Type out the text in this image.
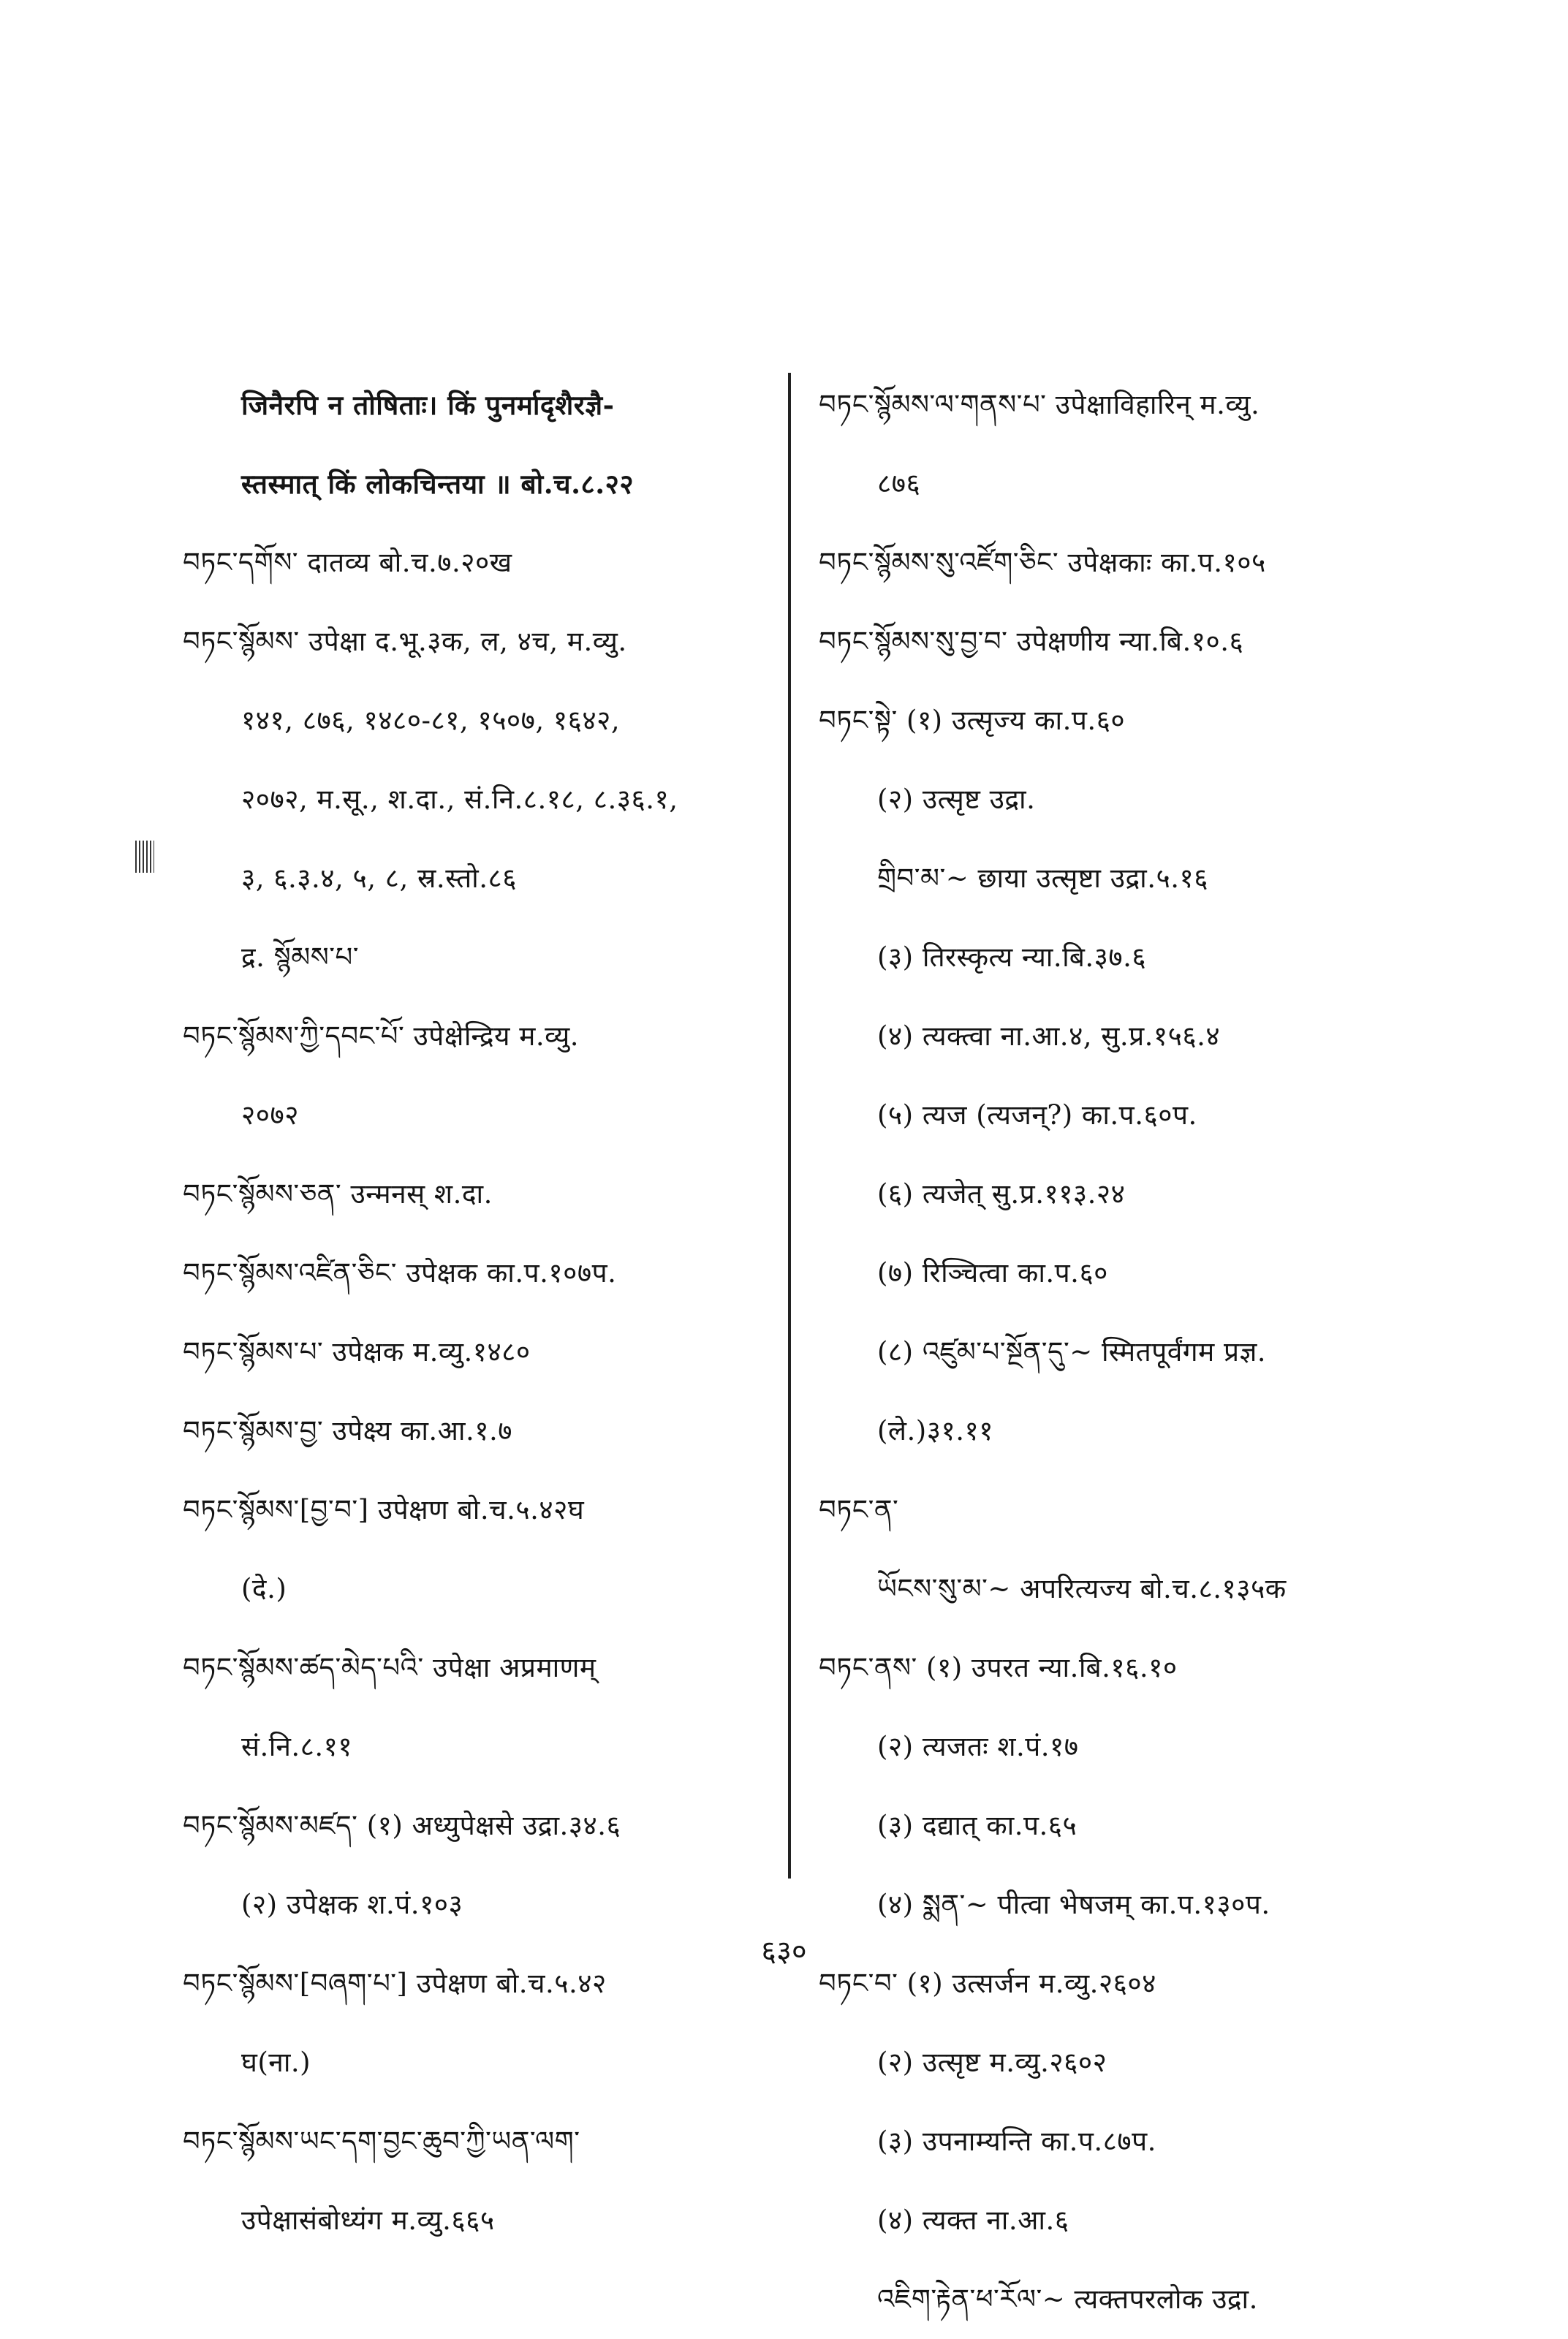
जिनैरपि न तोषिताः। किं पुनर्मादृशैरज्ञै-
स्तस्मात् किं लोकचिन्तया ॥ बो.च.८.२२
བཏང་དགོས་ दातव्य बो.च.७.२०ख
བཏང་སྙོམས་ उपेक्षा द.भू.३क, ल, ४च, म.व्यु.
१४१, ८७६, १४८०-८१, १५०७, १६४२,
२०७२, म.सू., श.दा., सं.नि.८.१८, ८.३६.१,
३, ६.३.४, ५, ८, स्र.स्तो.८६
द्र. སྙོམས་པ་
བཏང་སྙོམས་ཀྱི་དབང་པོ་ उपेक्षेन्द्रिय म.व्यु.
२०७२
བཏང་སྙོམས་ཅན་ उन्मनस् श.दा.
བཏང་སྙོམས་འཛིན་ཅིང་ उपेक्षक का.प.१०७प.
བཏང་སྙོམས་པ་ उपेक्षक म.व्यु.१४८०
བཏང་སྙོམས་བྱ་ उपेक्ष्य का.आ.१.७
བཏང་སྙོམས་[བྱ་བ་] उपेक्षण बो.च.५.४२घ
(दे.)
བཏང་སྙོམས་ཚད་མེད་པའི་ उपेक्षा अप्रमाणम्
सं.नि.८.११
བཏང་སྙོམས་མཛད་ (१) अध्युपेक्षसे उद्रा.३४.६
(२) उपेक्षक श.पं.१०३
བཏང་སྙོམས་[བཞག་པ་] उपेक्षण बो.च.५.४२
घ(ना.)
བཏང་སྙོམས་ཡང་དག་བྱང་ཆུབ་ཀྱི་ཡན་ལག་
उपेक्षासंबोध्यंग म.व्यु.६६५
བཏང་སྙོམས་ལ་གནས་པ་ उपेक्षाविहारिन् म.व्यु.
८७६
བཏང་སྙོམས་སུ་འཛོག་ཅིང་ उपेक्षकाः का.प.१०५
བཏང་སྙོམས་སུ་བྱ་བ་ उपेक्षणीय न्या.बि.१०.६
བཏང་སྟེ་ (१) उत्सृज्य का.प.६०
(२) उत्सृष्ट उद्रा.
གྲིབ་མ་~ छाया उत्सृष्टा उद्रा.५.१६
(३) तिरस्कृत्य न्या.बि.३७.६
(४) त्यक्त्वा ना.आ.४, सु.प्र.१५६.४
(५) त्यज (त्यजन्?) का.प.६०प.
(६) त्यजेत् सु.प्र.११३.२४
(७) रिञ्चित्वा का.प.६०
(८) འཛུམ་པ་སྔོན་དུ་~ स्मितपूर्वंगम प्रज्ञ.
(ले.)३१.११
བཏང་ན་
ཡོངས་སུ་མ་~ अपरित्यज्य बो.च.८.१३५क
བཏང་ནས་ (१) उपरत न्या.बि.१६.१०
(२) त्यजतः श.पं.१७
(३) दद्यात् का.प.६५
(४) སྨན་~ पीत्वा भेषजम् का.प.१३०प.
བཏང་བ་ (१) उत्सर्जन म.व्यु.२६०४
(२) उत्सृष्ट म.व्यु.२६०२
(३) उपनाम्यन्ति का.प.८७प.
(४) त्यक्त ना.आ.६
འཇིག་རྟེན་ཕ་རོལ་~ त्यक्तपरलोक उद्रा.
६३०
